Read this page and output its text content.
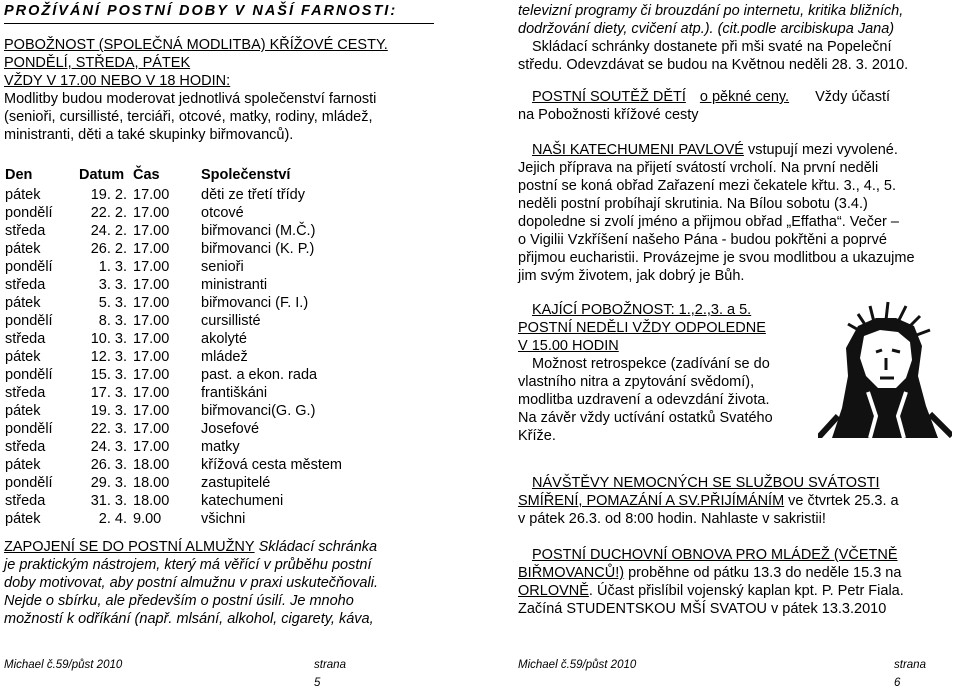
PROŽÍVÁNÍ POSTNÍ DOBY V NAŠÍ FARNOSTI:

POBOŽNOST (SPOLEČNÁ MODLITBA) KŘÍŽOVÉ CESTY.

PONDĚLÍ, STŘEDA, PÁTEK

VŽDY V 17.00 NEBO V 18 HODIN:

Modlitby budou moderovat jednotlivá společenství farnosti

(senioři, cursillisté, terciáři, otcové, matky, rodiny, mládež,

ministranti, děti a také skupinky biřmovanců).

Den	Datum		Čas	Společenství
pátek	19. 2.		17.00	děti ze třetí třídy
pondělí	22. 2.		17.00	otcové
středa	24. 2.		17.00	biřmovanci (M.Č.)
pátek	26. 2.		17.00	biřmovanci (K. P.)
pondělí	1. 3.		17.00	senioři
středa	3. 3.		17.00	ministranti
pátek	5. 3.		17.00	biřmovanci (F. I.)
pondělí	8. 3.		17.00	cursillisté
středa	10. 3.		17.00	akolyté
pátek	12. 3.		17.00	mládež
pondělí	15. 3.		17.00	past. a ekon. rada
středa	17. 3.		17.00	františkáni
pátek	19. 3.		17.00	biřmovanci(G. G.)
pondělí	22. 3.		17.00	Josefové
středa	24. 3.		17.00	matky
pátek	26. 3.		18.00	křížová cesta městem
pondělí	29. 3.		18.00	zastupitelé
středa	31. 3.		18.00	katechumeni
pátek	2. 4.		9.00	všichni

ZAPOJENÍ SE DO POSTNÍ ALMUŽNY Skládací schránka

je praktickým nástrojem, který má věřící v průběhu postní

doby motivovat, aby postní almužnu v praxi uskutečňovali.

Nejde o sbírku, ale především o postní úsilí. Je mnoho

možností k odříkání (např. mlsání, alkohol, cigarety, káva,

Michael č.59/půst 2010	strana 5

televizní programy či brouzdání po internetu, kritika bližních,

dodržování diety, cvičení atp.). (cit.podle arcibiskupa Jana)

Skládací schránky dostanete při mši svaté na Popeleční

středu. Odevzdávat se budou na Květnou neděli 28. 3. 2010.

POSTNÍ SOUTĚŽ DĚTÍ o pěkné ceny. Vždy účastí

na Pobožnosti křížové cesty

NAŠI KATECHUMENI PAVLOVÉ vstupují mezi vyvolené.

Jejich příprava na přijetí svátostí vrcholí. Na první neděli

postní se koná obřad Zařazení mezi čekatele křtu. 3., 4., 5.

neděli postní probíhají skrutinia. Na Bílou sobotu (3.4.)

dopoledne si zvolí jméno a přijmou obřad „Effatha“. Večer –

o Vigilii Vzkříšení našeho Pána - budou pokřtěni a poprvé

přijmou eucharistii. Provázejme je svou modlitbou a ukazujme

jim svým životem, jak dobrý je Bůh.

KAJÍCÍ POBOŽNOST: 1.,2.,3. a 5.

POSTNÍ NEDĚLI VŽDY ODPOLEDNE

V 15.00 HODIN

Možnost retrospekce (zadívání se do

vlastního nitra a zpytování svědomí),

modlitba uzdravení a odevzdání života.

Na závěr vždy uctívání ostatků Svatého

Kříže.

NÁVŠTĚVY NEMOCNÝCH SE SLUŽBOU SVÁTOSTI

SMÍŘENÍ, POMAZÁNÍ A SV.PŘIJÍMÁNÍM ve čtvrtek 25.3. a

v pátek 26.3. od 8:00 hodin. Nahlaste v sakristii!

POSTNÍ DUCHOVNÍ OBNOVA PRO MLÁDEŽ (VČETNĚ

BIŘMOVANCŮ!) proběhne od pátku 13.3 do neděle 15.3 na

ORLOVNĚ. Účast přislíbil vojenský kaplan kpt. P. Petr Fiala.

Začíná STUDENTSKOU MŠÍ SVATOU v pátek 13.3.2010

Michael č.59/půst 2010	strana 6
